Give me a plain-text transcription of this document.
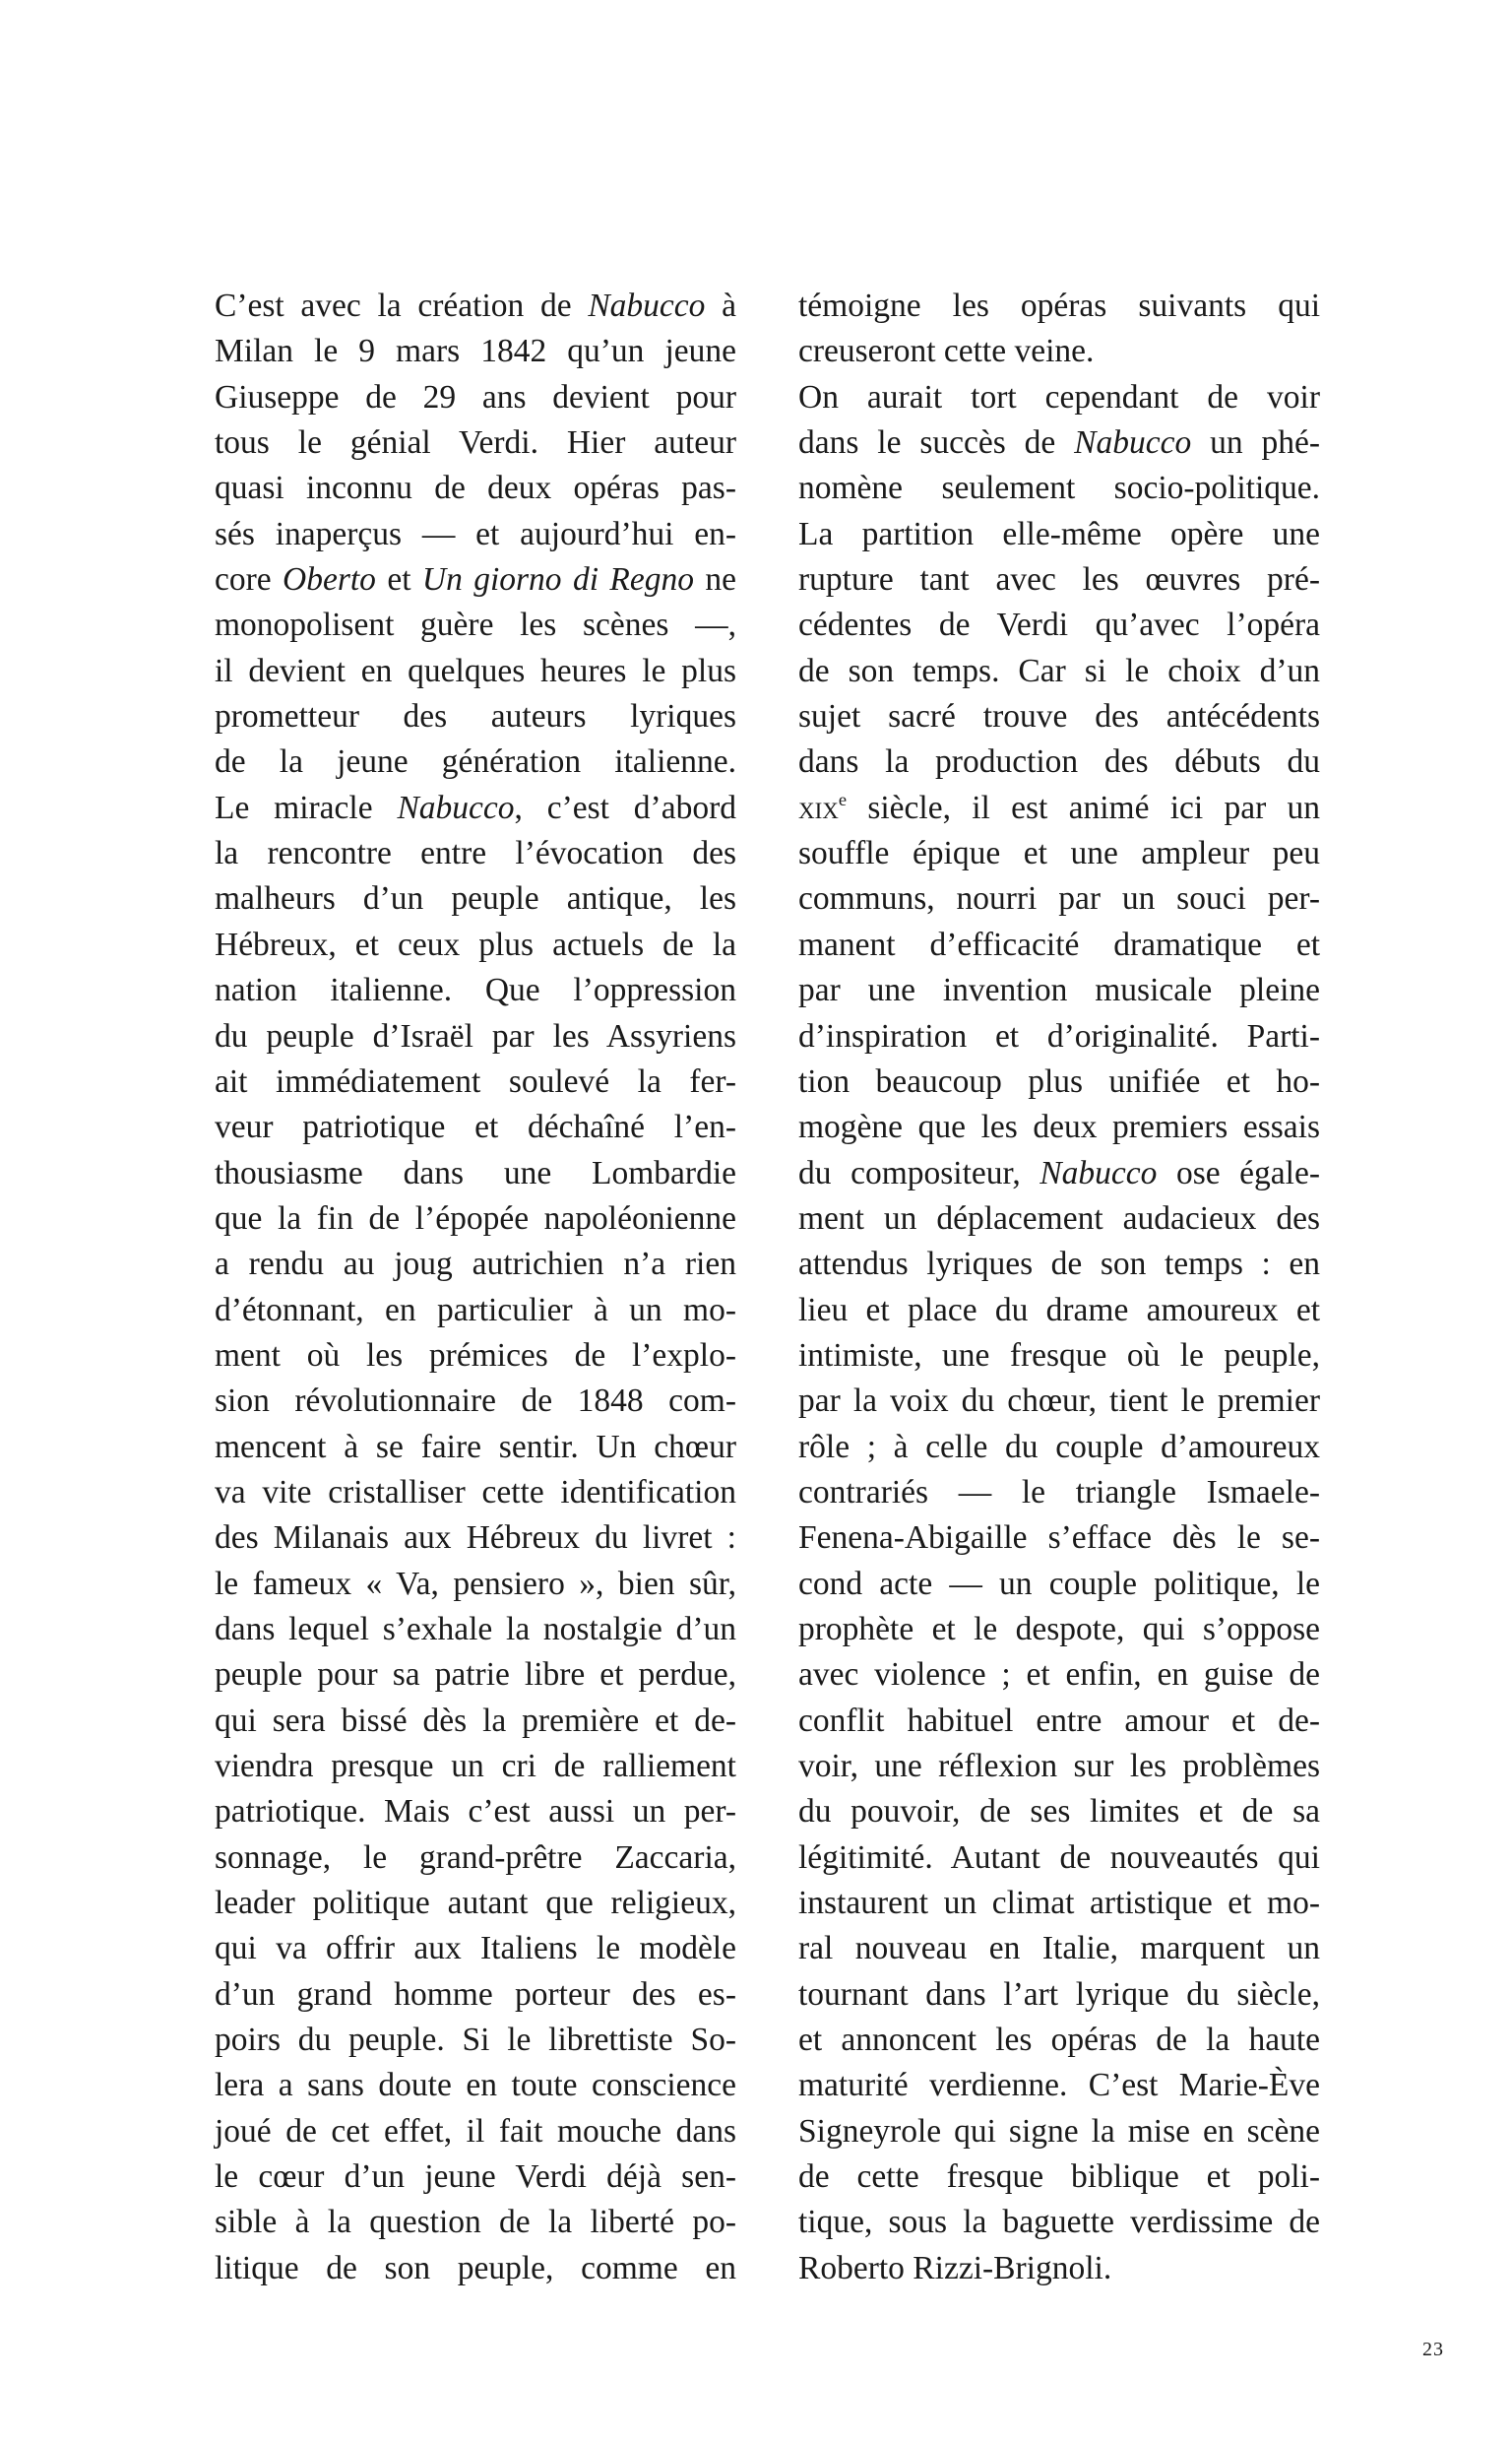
C’est avec la création de Nabucco à
Milan le 9 mars 1842 qu’un jeune
Giuseppe de 29 ans devient pour
tous le génial Verdi. Hier auteur
quasi inconnu de deux opéras pas-
sés inaperçus — et aujourd’hui en-
core Oberto et Un giorno di Regno ne
monopolisent guère les scènes —,
il devient en quelques heures le plus
prometteur des auteurs lyriques
de la jeune génération italienne.
Le miracle Nabucco, c’est d’abord
la rencontre entre l’évocation des
malheurs d’un peuple antique, les
Hébreux, et ceux plus actuels de la
nation italienne. Que l’oppression
du peuple d’Israël par les Assyriens
ait immédiatement soulevé la fer-
veur patriotique et déchaîné l’en-
thousiasme dans une Lombardie
que la fin de l’épopée napoléonienne
a rendu au joug autrichien n’a rien
d’étonnant, en particulier à un mo-
ment où les prémices de l’explo-
sion révolutionnaire de 1848 com-
mencent à se faire sentir. Un chœur
va vite cristalliser cette identification
des Milanais aux Hébreux du livret :
le fameux « Va, pensiero », bien sûr,
dans lequel s’exhale la nostalgie d’un
peuple pour sa patrie libre et perdue,
qui sera bissé dès la première et de-
viendra presque un cri de ralliement
patriotique. Mais c’est aussi un per-
sonnage, le grand-prêtre Zaccaria,
leader politique autant que religieux,
qui va offrir aux Italiens le modèle
d’un grand homme porteur des es-
poirs du peuple. Si le librettiste So-
lera a sans doute en toute conscience
joué de cet effet, il fait mouche dans
le cœur d’un jeune Verdi déjà sen-
sible à la question de la liberté po-
litique de son peuple, comme en
témoigne les opéras suivants qui
creuseront cette veine.
On aurait tort cependant de voir
dans le succès de Nabucco un phé-
nomène seulement socio-politique.
La partition elle-même opère une
rupture tant avec les œuvres pré-
cédentes de Verdi qu’avec l’opéra
de son temps. Car si le choix d’un
sujet sacré trouve des antécédents
dans la production des débuts du
xix$^e$ siècle, il est animé ici par un
souffle épique et une ampleur peu
communs, nourri par un souci per-
manent d’efficacité dramatique et
par une invention musicale pleine
d’inspiration et d’originalité. Parti-
tion beaucoup plus unifiée et ho-
mogène que les deux premiers essais
du compositeur, Nabucco ose égale-
ment un déplacement audacieux des
attendus lyriques de son temps : en
lieu et place du drame amoureux et
intimiste, une fresque où le peuple,
par la voix du chœur, tient le premier
rôle ; à celle du couple d’amoureux
contrariés — le triangle Ismaele-
Fenena-Abigaille s’efface dès le se-
cond acte — un couple politique, le
prophète et le despote, qui s’oppose
avec violence ; et enfin, en guise de
conflit habituel entre amour et de-
voir, une réflexion sur les problèmes
du pouvoir, de ses limites et de sa
légitimité. Autant de nouveautés qui
instaurent un climat artistique et mo-
ral nouveau en Italie, marquent un
tournant dans l’art lyrique du siècle,
et annoncent les opéras de la haute
maturité verdienne. C’est Marie-Ève
Signeyrole qui signe la mise en scène
de cette fresque biblique et poli-
tique, sous la baguette verdissime de
Roberto Rizzi-Brignoli.
23
